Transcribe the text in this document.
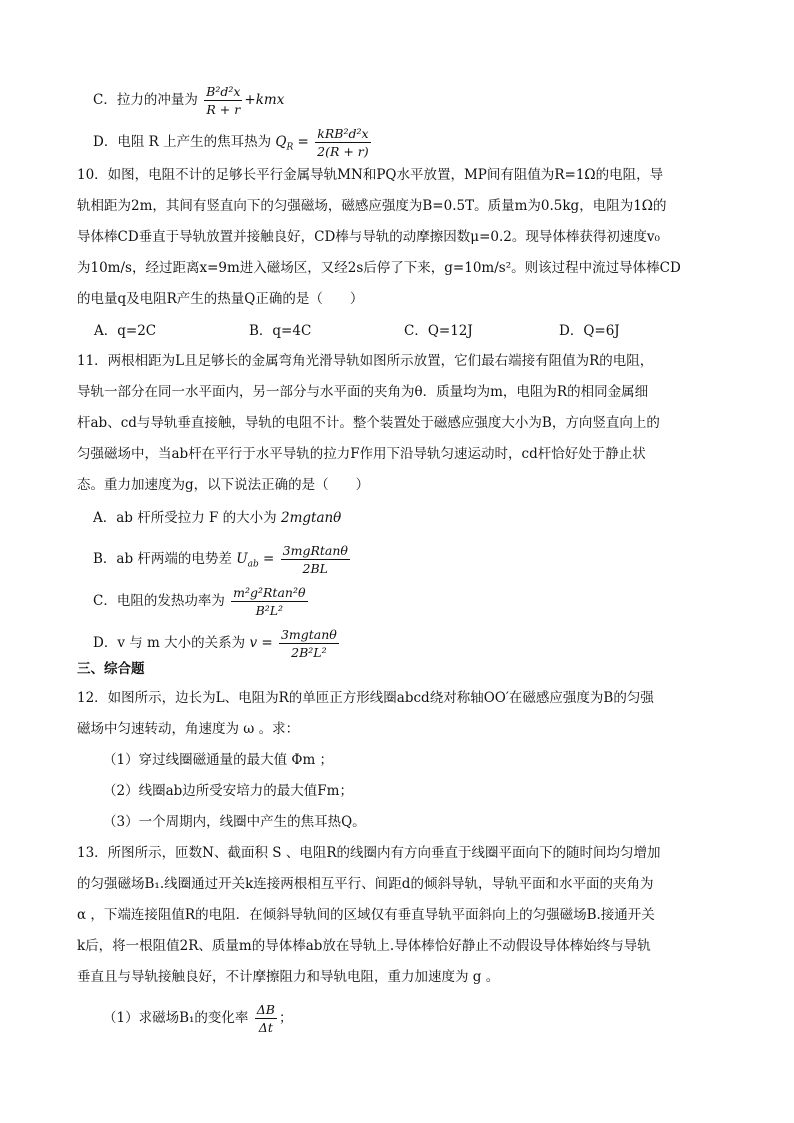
C．拉力的冲量为 $\frac{\text{B²d²x}}{R + r} +kmx$
D．电阻 R 上产生的焦耳热为 $Q_R = \frac{\text{kRB²d²x}}{2(R + r)}$
10．如图，电阻不计的足够长平行金属导轨MN和PQ水平放置，MP间有阻值为R=1Ω的电阻，导
轨相距为2m，其间有竖直向下的匀强磁场，磁感应强度为B=0.5T。质量m为0.5kg，电阻为1Ω的
导体棒CD垂直于导轨放置并接触良好，CD棒与导轨的动摩擦因数μ=0.2。现导体棒获得初速度v₀
为10m/s，经过距离x=9m进入磁场区，又经2s后停了下来，g=10m/s²。则该过程中流过导体棒CD
的电量q及电阻R产生的热量Q正确的是（　　）
A．q=2C	B．q=4C	C．Q=12J	D．Q=6J
11．两根相距为L且足够长的金属弯角光滑导轨如图所示放置，它们最右端接有阻值为R的电阻，
导轨一部分在同一水平面内，另一部分与水平面的夹角为θ．质量均为m，电阻为R的相同金属细
杆ab、cd与导轨垂直接触，导轨的电阻不计。整个装置处于磁感应强度大小为B，方向竖直向上的
匀强磁场中，当ab杆在平行于水平导轨的拉力F作用下沿导轨匀速运动时，cd杆恰好处于静止状
态。重力加速度为g，以下说法正确的是（　　）
A．ab 杆所受拉力 F 的大小为 2mgtanθ
B．ab 杆两端的电势差 $U_{ab} = \frac{\text{3mgRtanθ}}{2BL}$
C．电阻的发热功率为 $\frac{\text{m²g²Rtan²θ}}{\text{B²L²}}$
D．v 与 m 大小的关系为 $v = \frac{3mgtan\theta}{\text{2B²L²}}$
三、综合题
12．如图所示，边长为L、电阻为R的单匝正方形线圈abcd绕对称轴OO′在磁感应强度为B的匀强
磁场中匀速转动，角速度为 ω 。求：
（1）穿过线圈磁通量的最大值 Φm ；
（2）线圈ab边所受安培力的最大值Fm；
（3）一个周期内，线圈中产生的焦耳热Q。
13．所图所示，匝数N、截面积 S 、电阻R的线圈内有方向垂直于线圈平面向下的随时间均匀增加
的匀强磁场B₁.线圈通过开关k连接两根相互平行、间距d的倾斜导轨，导轨平面和水平面的夹角为
α ，下端连接阻值R的电阻．在倾斜导轨间的区域仅有垂直导轨平面斜向上的匀强磁场B.接通开关
k后，将一根阻值2R、质量m的导体棒ab放在导轨上.导体棒恰好静止不动假设导体棒始终与导轨
垂直且与导轨接触良好，不计摩擦阻力和导轨电阻，重力加速度为 g 。
（1）求磁场B₁的变化率 $\frac{\Delta B}{\Delta t}$ ；
